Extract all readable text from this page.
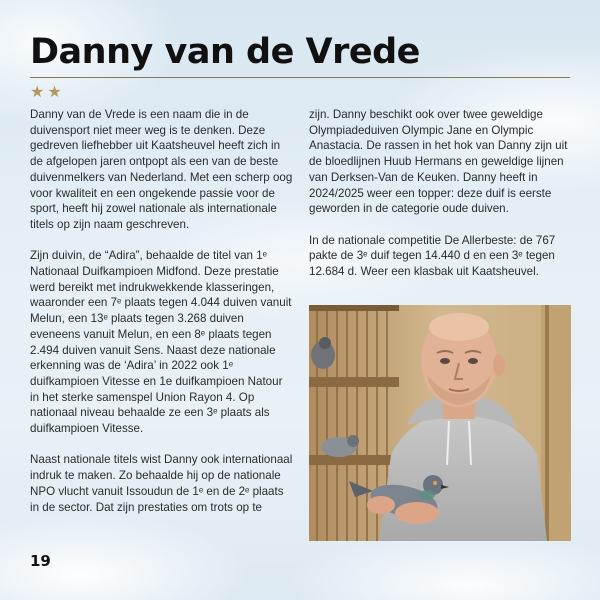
Danny van de Vrede
★ ★

Danny van de Vrede is een naam die in de duivensport niet meer weg is te denken. Deze gedreven liefhebber uit Kaatsheuvel heeft zich in de afgelopen jaren ontpopt als een van de beste duivenmelkers van Nederland. Met een scherp oog voor kwaliteit en een ongekende passie voor de sport, heeft hij zowel nationale als internationale titels op zijn naam geschreven.

Zijn duivin, de “Adira”, behaalde de titel van 1ᵉ Nationaal Duifkampioen Midfond. Deze prestatie werd bereikt met indrukwekkende klasseringen, waaronder een 7ᵉ plaats tegen 4.044 duiven vanuit Melun, een 13ᵉ plaats tegen 3.268 duiven eveneens vanuit Melun, en een 8ᵉ plaats tegen 2.494 duiven vanuit Sens. Naast deze nationale erkenning was de ‘Adira’ in 2022 ook 1ᵉ duifkampioen Vitesse en 1e duifkampioen Natour in het sterke samenspel Union Rayon 4. Op nationaal niveau behaalde ze een 3ᵉ plaats als duifkampioen Vitesse.

Naast nationale titels wist Danny ook internationaal indruk te maken. Zo behaalde hij op de nationale NPO vlucht vanuit Issoudun de 1ᵉ en de 2ᵉ plaats in de sector. Dat zijn prestaties om trots op te

zijn. Danny beschikt ook over twee geweldige Olympiadeduiven Olympic Jane en Olympic Anastacia. De rassen in het hok van Danny zijn uit de bloedlijnen Huub Hermans en geweldige lijnen van Derksen-Van de Keuken. Danny heeft in 2024/2025 weer een topper: deze duif is eerste geworden in de categorie oude duiven.

In de nationale competitie De Allerbeste: de 767 pakte de 3ᵉ duif tegen 14.440 d en een 3ᵉ tegen 12.684 d. Weer een klasbak uit Kaatsheuvel.

19
